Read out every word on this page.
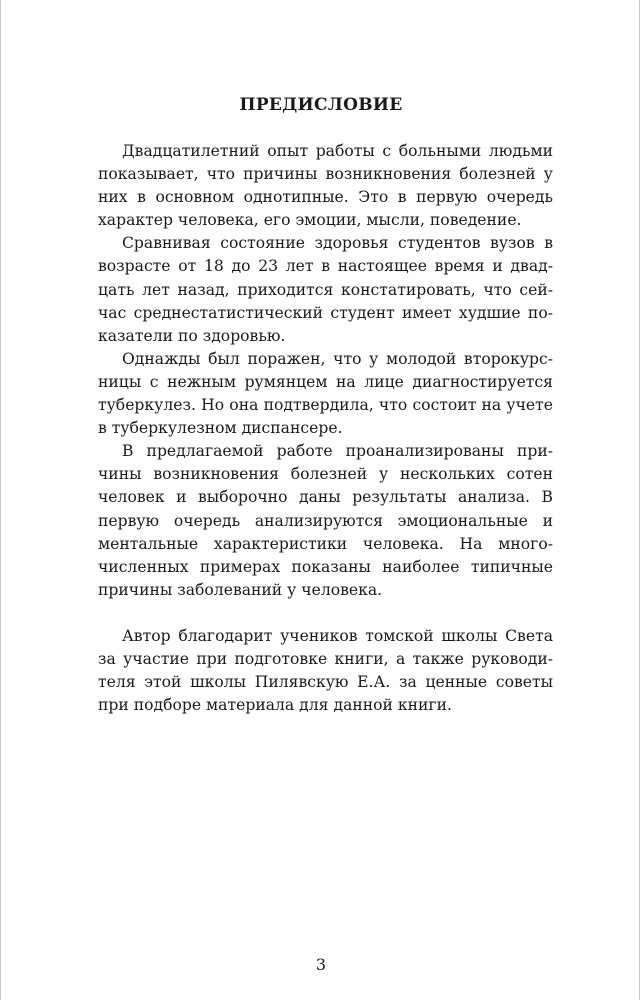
ПРЕДИСЛОВИЕ

Двадцатилетний опыт работы с больными людьми показывает, что причины возникновения болезней у них в основном однотипные. Это в первую очередь характер человека, его эмоции, мысли, поведение.

Сравнивая состояние здоровья студентов вузов в возрасте от 18 до 23 лет в настоящее время и двадцать лет назад, приходится констатировать, что сейчас среднестатистический студент имеет худшие показатели по здоровью.

Однажды был поражен, что у молодой второкурсницы с нежным румянцем на лице диагностируется туберкулез. Но она подтвердила, что состоит на учете в туберкулезном диспансере.

В предлагаемой работе проанализированы причины возникновения болезней у нескольких сотен человек и выборочно даны результаты анализа. В первую очередь анализируются эмоциональные и ментальные характеристики человека. На многочисленных примерах показаны наиболее типичные причины заболеваний у человека.

Автор благодарит учеников томской школы Света за участие при подготовке книги, а также руководителя этой школы Пилявскую Е.А. за ценные советы при подборе материала для данной книги.

3
